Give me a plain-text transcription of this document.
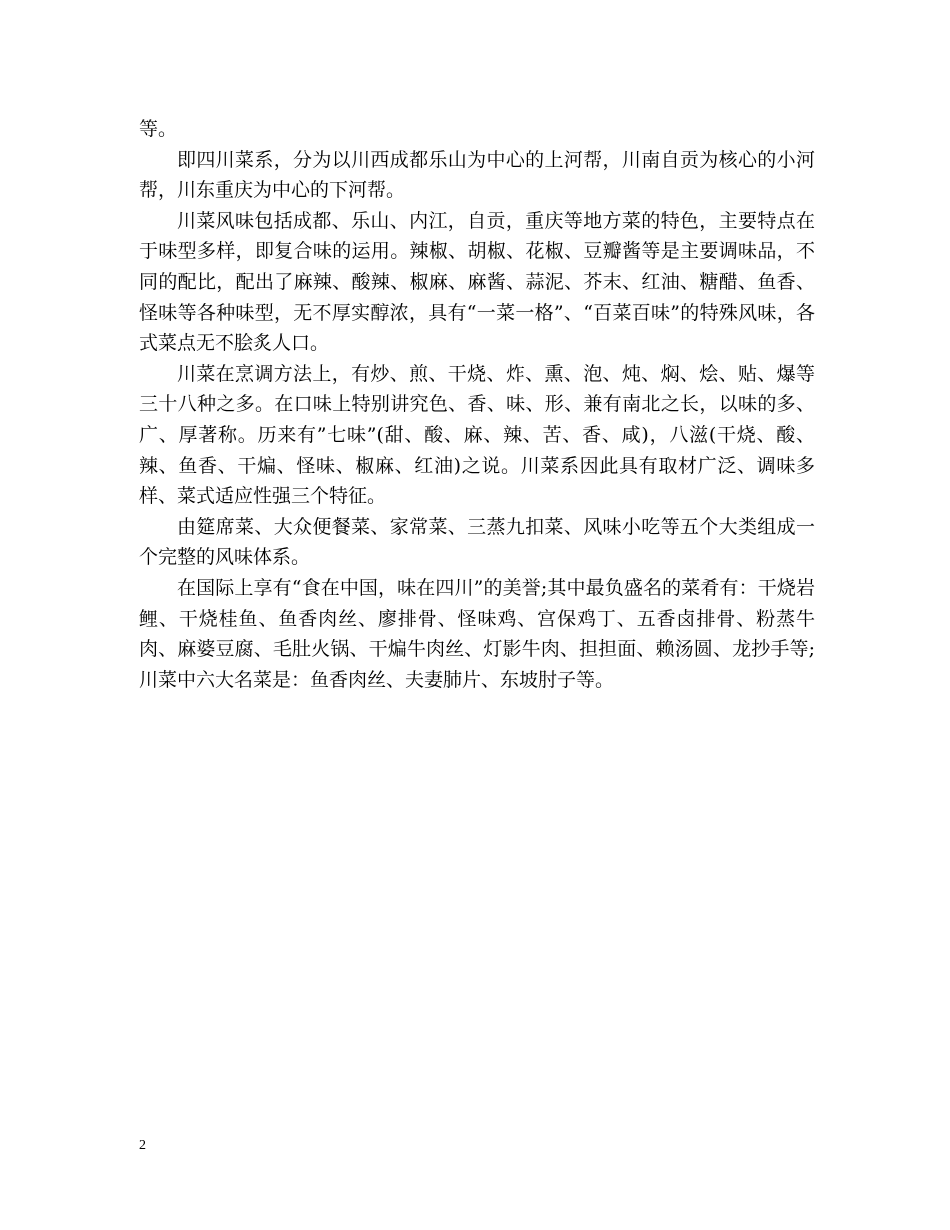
等。

即四川菜系，分为以川西成都乐山为中心的上河帮，川南自贡为核心的小河帮，川东重庆为中心的下河帮。

川菜风味包括成都、乐山、内江，自贡，重庆等地方菜的特色，主要特点在于味型多样，即复合味的运用。辣椒、胡椒、花椒、豆瓣酱等是主要调味品，不同的配比，配出了麻辣、酸辣、椒麻、麻酱、蒜泥、芥末、红油、糖醋、鱼香、怪味等各种味型，无不厚实醇浓，具有“一菜一格”、“百菜百味”的特殊风味，各式菜点无不脍炙人口。

川菜在烹调方法上，有炒、煎、干烧、炸、熏、泡、炖、焖、烩、贴、爆等三十八种之多。在口味上特别讲究色、香、味、形、兼有南北之长，以味的多、广、厚著称。历来有”七味”(甜、酸、麻、辣、苦、香、咸)，八滋(干烧、酸、辣、鱼香、干煸、怪味、椒麻、红油)之说。川菜系因此具有取材广泛、调味多样、菜式适应性强三个特征。

由筵席菜、大众便餐菜、家常菜、三蒸九扣菜、风味小吃等五个大类组成一个完整的风味体系。

在国际上享有“食在中国，味在四川”的美誉;其中最负盛名的菜肴有：干烧岩鲤、干烧桂鱼、鱼香肉丝、廖排骨、怪味鸡、宫保鸡丁、五香卤排骨、粉蒸牛肉、麻婆豆腐、毛肚火锅、干煸牛肉丝、灯影牛肉、担担面、赖汤圆、龙抄手等;川菜中六大名菜是：鱼香肉丝、夫妻肺片、东坡肘子等。

2
